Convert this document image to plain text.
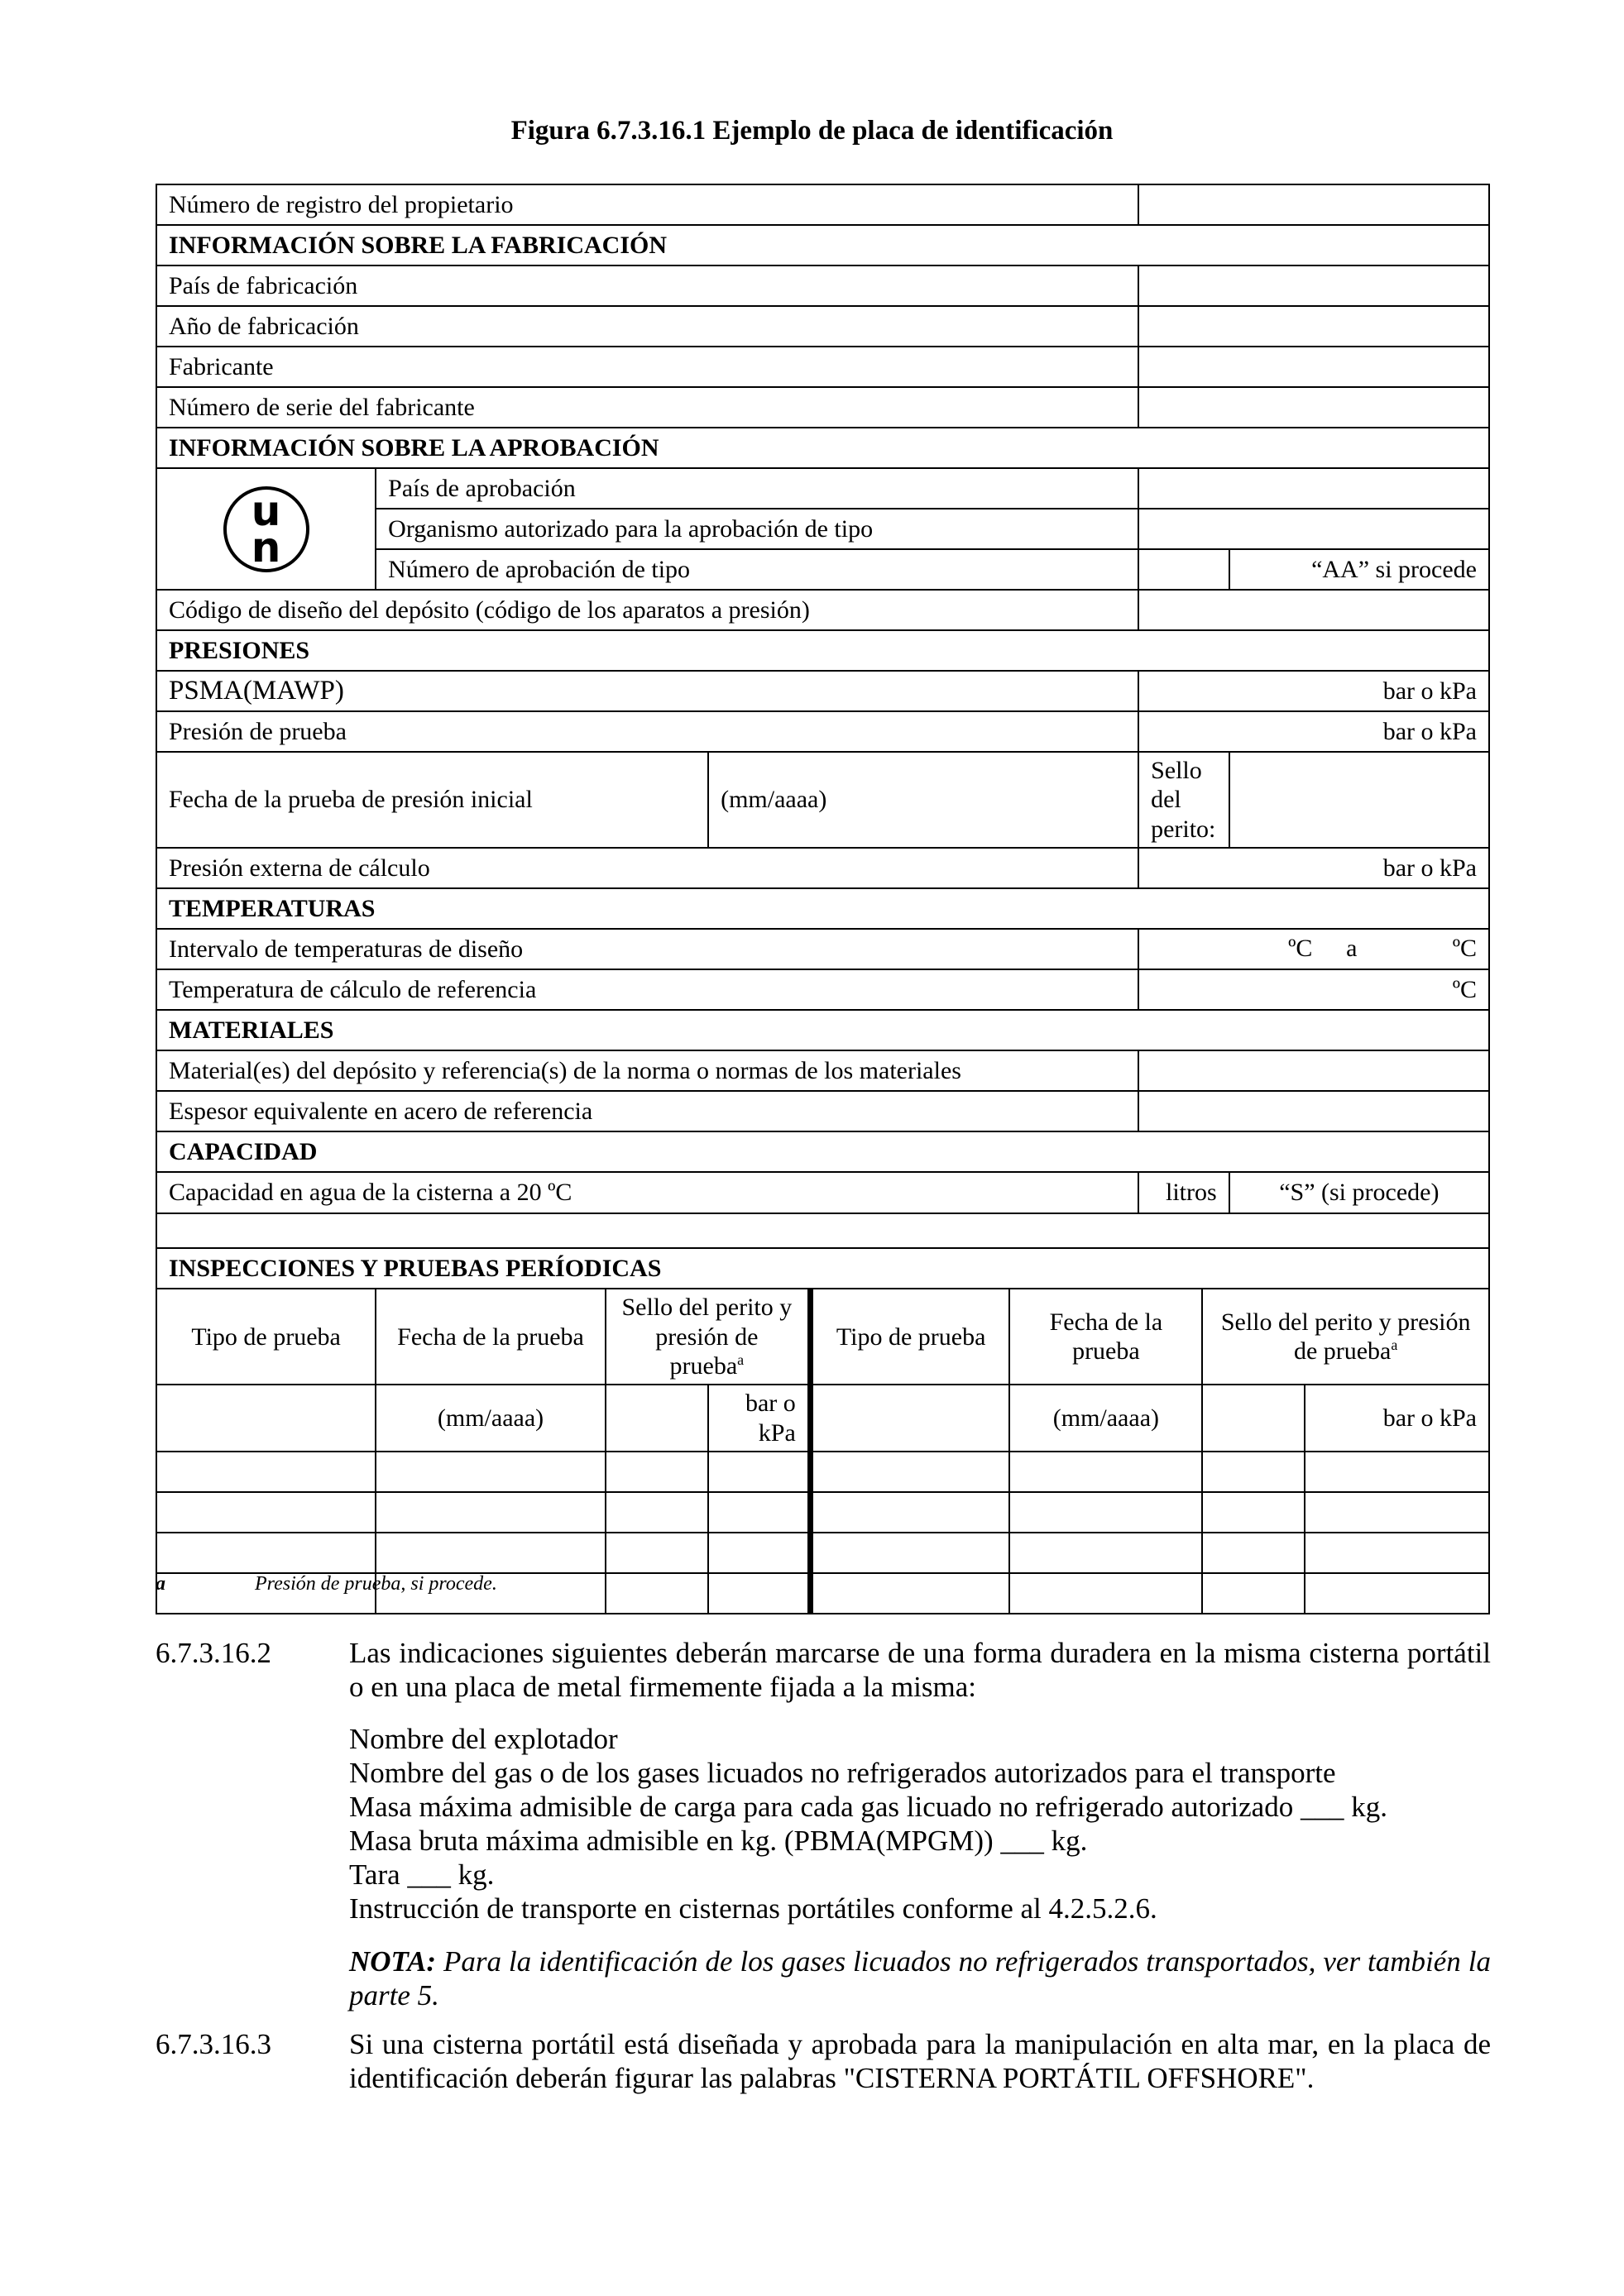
Figura 6.7.3.16.1 Ejemplo de placa de identificación
Número de registro del propietario									
INFORMACIÓN SOBRE LA FABRICACIÓN									
País de fabricación									
Año de fabricación									
Fabricante									
Número de serie del fabricante									
INFORMACIÓN SOBRE LA APROBACIÓN									

u
n	País de aprobación								
	Organismo autorizado para la aprobación de tipo								
	Número de aprobación de tipo							“AA” si procede	
Código de diseño del depósito (código de los aparatos a presión)									
PRESIONES									
PSMA(MAWP)						bar o kPa			
Presión de prueba						bar o kPa			
Fecha de la prueba de presión inicial			(mm/aaaa)			Sello del perito:			
Presión externa de cálculo						bar o kPa			
TEMPERATURAS									
Intervalo de temperaturas de diseño						ºC a ºC			

Temperatura de cálculo de referencia						ºC			
MATERIALES									
Material(es) del depósito y referencia(s) de la norma o normas de los materiales									
Espesor equivalente en acero de referencia									
CAPACIDAD									
Capacidad en agua de la cisterna a 20 ºC						litros		“S” (si procede)	

INSPECCIONES Y PRUEBAS PERÍODICAS									
Tipo de prueba	Fecha de la prueba	Sello del perito y presión de prueba$^a$		Tipo de prueba	Fecha de la prueba		Sello del perito y presión de prueba$^a$
	(mm/aaaa)		bar o kPa		(mm/aaaa)				bar o kPa

a	Presión de prueba, si procede.
6.7.3.16.2	Las indicaciones siguientes deberán marcarse de una forma duradera en la misma cisterna portátil o en una placa de metal firmemente fijada a la misma:
Nombre del explotador
Nombre del gas o de los gases licuados no refrigerados autorizados para el transporte
Masa máxima admisible de carga para cada gas licuado no refrigerado autorizado ___ kg.
Masa bruta máxima admisible en kg. (PBMA(MPGM)) ___ kg.
Tara ___ kg.
Instrucción de transporte en cisternas portátiles conforme al 4.2.5.2.6.
NOTA: Para la identificación de los gases licuados no refrigerados transportados, ver también la parte 5.
6.7.3.16.3	Si una cisterna portátil está diseñada y aprobada para la manipulación en alta mar, en la placa de identificación deberán figurar las palabras "CISTERNA PORTÁTIL OFFSHORE".
